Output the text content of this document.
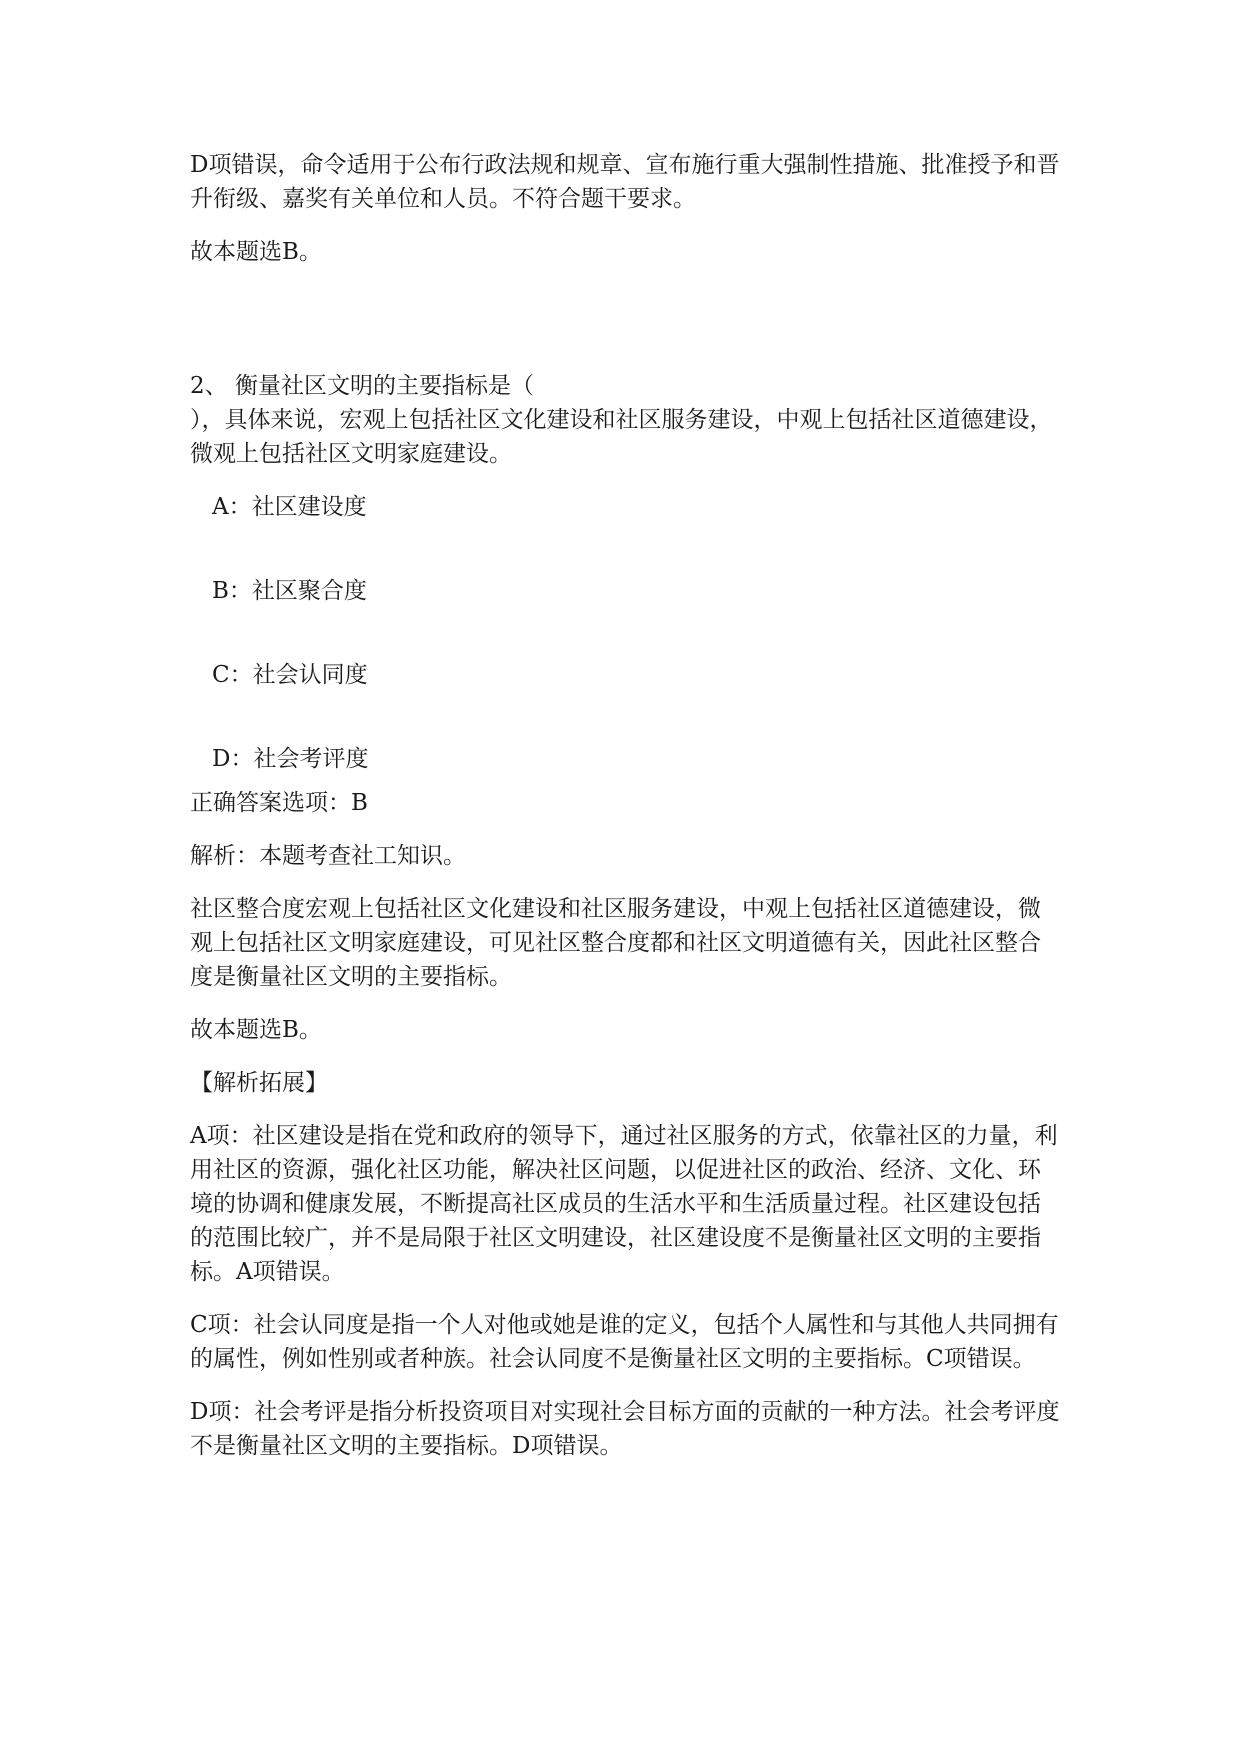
D项错误，命令适用于公布行政法规和规章、宣布施行重大强制性措施、批准授予和晋升衔级、嘉奖有关单位和人员。不符合题干要求。

故本题选B。

2、 衡量社区文明的主要指标是（
），具体来说，宏观上包括社区文化建设和社区服务建设，中观上包括社区道德建设，微观上包括社区文明家庭建设。

A：社区建设度

B：社区聚合度

C：社会认同度

D：社会考评度

正确答案选项：B

解析：本题考查社工知识。

社区整合度宏观上包括社区文化建设和社区服务建设，中观上包括社区道德建设，微观上包括社区文明家庭建设，可见社区整合度都和社区文明道德有关，因此社区整合度是衡量社区文明的主要指标。

故本题选B。

【解析拓展】

A项：社区建设是指在党和政府的领导下，通过社区服务的方式，依靠社区的力量，利用社区的资源，强化社区功能，解决社区问题，以促进社区的政治、经济、文化、环境的协调和健康发展，不断提高社区成员的生活水平和生活质量过程。社区建设包括的范围比较广，并不是局限于社区文明建设，社区建设度不是衡量社区文明的主要指标。A项错误。

C项：社会认同度是指一个人对他或她是谁的定义，包括个人属性和与其他人共同拥有的属性，例如性别或者种族。社会认同度不是衡量社区文明的主要指标。C项错误。

D项：社会考评是指分析投资项目对实现社会目标方面的贡献的一种方法。社会考评度不是衡量社区文明的主要指标。D项错误。
